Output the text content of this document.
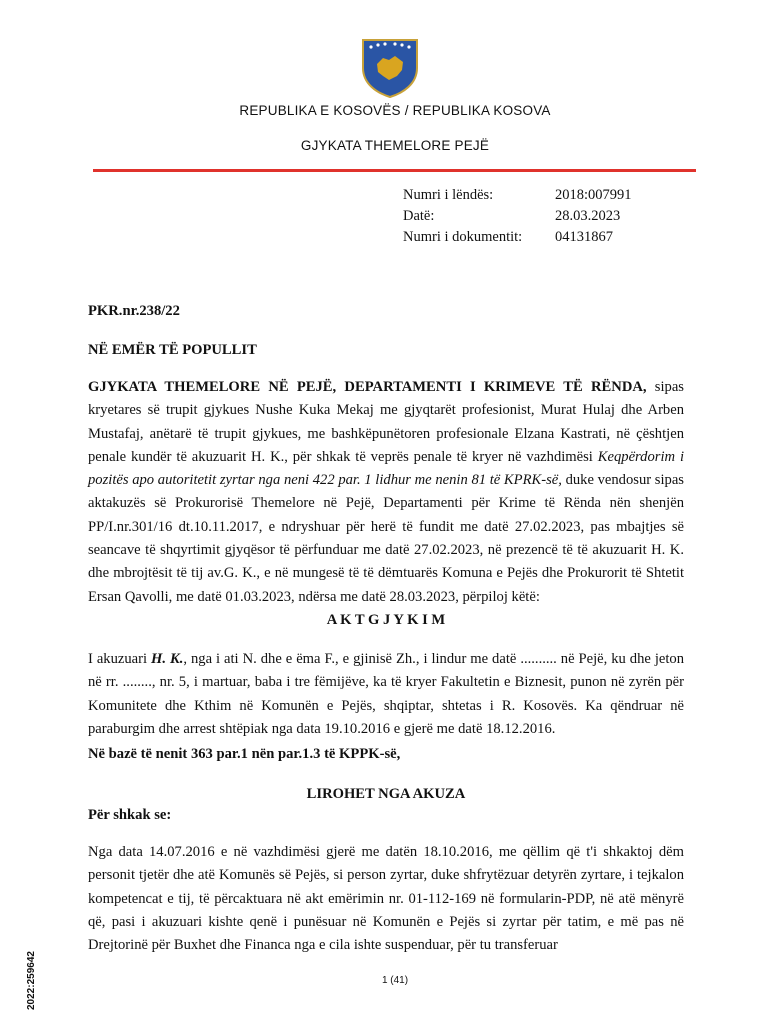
REPUBLIKA E KOSOVËS / REPUBLIKA KOSOVA
GJYKATA THEMELORE PEJË
Numri i lëndës:	2018:007991
Datë:	28.03.2023
Numri i dokumentit:	04131867
PKR.nr.238/22
NË EMËR TË POPULLIT
GJYKATA THEMELORE NË PEJË, DEPARTAMENTI I KRIMEVE TË RËNDA, sipas kryetares së trupit gjykues Nushe Kuka Mekaj me gjyqtarët profesionist, Murat Hulaj dhe Arben Mustafaj, anëtarë të trupit gjykues, me bashkëpunëtoren profesionale Elzana Kastrati, në çështjen penale kundër të akuzuarit H. K., për shkak të veprës penale të kryer në vazhdimësi Keqpërdorim i pozitës apo autoritetit zyrtar nga neni 422 par. 1 lidhur me nenin 81 të KPRK-së, duke vendosur sipas aktakuzës së Prokurorisë Themelore në Pejë, Departamenti për Krime të Rënda nën shenjën PP/I.nr.301/16 dt.10.11.2017, e ndryshuar për herë të fundit me datë 27.02.2023, pas mbajtjes së seancave të shqyrtimit gjyqësor të përfunduar me datë 27.02.2023, në prezencë të të akuzuarit H. K. dhe mbrojtësit të tij av.G. K., e në mungesë të të dëmtuarës Komuna e Pejës dhe Prokurorit të Shtetit Ersan Qavolli, me datë 01.03.2023, ndërsa me datë 28.03.2023, përpiloj këtë:
A K T G J Y K I M
I akuzuari H. K., nga i ati N. dhe e ëma F., e gjinisë Zh., i lindur me datë .......... në Pejë, ku dhe jeton në rr. ........, nr. 5, i martuar, baba i tre fëmijëve, ka të kryer Fakultetin e Biznesit, punon në zyrën për Komunitete dhe Kthim në Komunën e Pejës, shqiptar, shtetas i R. Kosovës. Ka qëndruar në paraburgim dhe arrest shtëpiak nga data 19.10.2016 e gjerë me datë 18.12.2016.
Në bazë të nenit 363 par.1 nën par.1.3 të KPPK-së,
LIROHET NGA AKUZA
Për shkak se:
Nga data 14.07.2016 e në vazhdimësi gjerë me datën 18.10.2016, me qëllim që t'i shkaktoj dëm personit tjetër dhe atë Komunës së Pejës, si person zyrtar, duke shfrytëzuar detyrën zyrtare, i tejkalon kompetencat e tij, të përcaktuara në akt emërimin nr. 01-112-169 në formularin-PDP, në atë mënyrë që, pasi i akuzuari kishte qenë i punësuar në Komunën e Pejës si zyrtar për tatim, e më pas në Drejtorinë për Buxhet dhe Financa nga e cila ishte suspenduar, për tu transferuar
1 (41)
2022:259642
